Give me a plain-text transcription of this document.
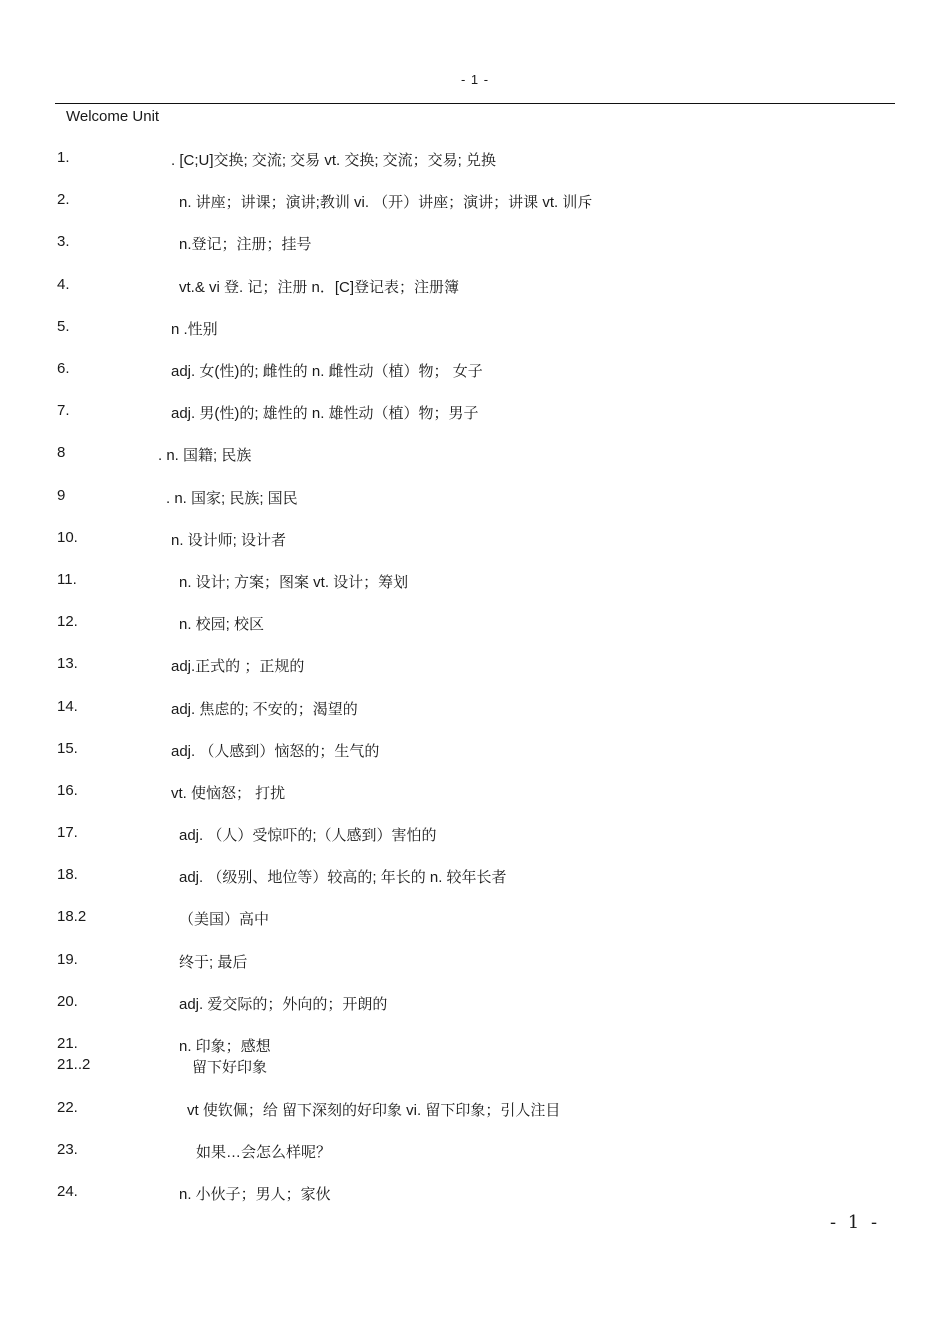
- 1 -
Welcome Unit
1.	. [C;U]交换; 交流; 交易 vt. 交换; 交流；交易; 兑换
2.	n. 讲座；讲课；演讲;教训 vi. （开）讲座；演讲；讲课 vt. 训斥
3.	n.登记；注册；挂号
4.	vt.& vi 登. 记；注册 n．[C]登记表；注册簿
5.	n .性别
6.	adj. 女(性)的; 雌性的 n. 雌性动（植）物； 女子
7.	adj. 男(性)的; 雄性的 n. 雄性动（植）物；男子
8	. n. 国籍; 民族
9	. n. 国家; 民族; 国民
10.	n. 设计师; 设计者
11.	n. 设计; 方案；图案 vt. 设计；筹划
12.	n. 校园; 校区
13.	adj.正式的 ；正规的
14.	adj. 焦虑的; 不安的；渴望的
15.	adj. （人感到）恼怒的；生气的
16.	vt. 使恼怒； 打扰
17.	adj. （人）受惊吓的;（人感到）害怕的
18.	adj. （级别、地位等）较高的; 年长的 n. 较年长者
18.2	（美国）高中
19.	终于; 最后
20.	adj. 爱交际的；外向的；开朗的
21.	n. 印象；感想
21..2	留下好印象
22.	vt 使钦佩；给 留下深刻的好印象 vi. 留下印象；引人注目
23.	如果…会怎么样呢？
24.	n. 小伙子；男人；家伙
- 1 -
